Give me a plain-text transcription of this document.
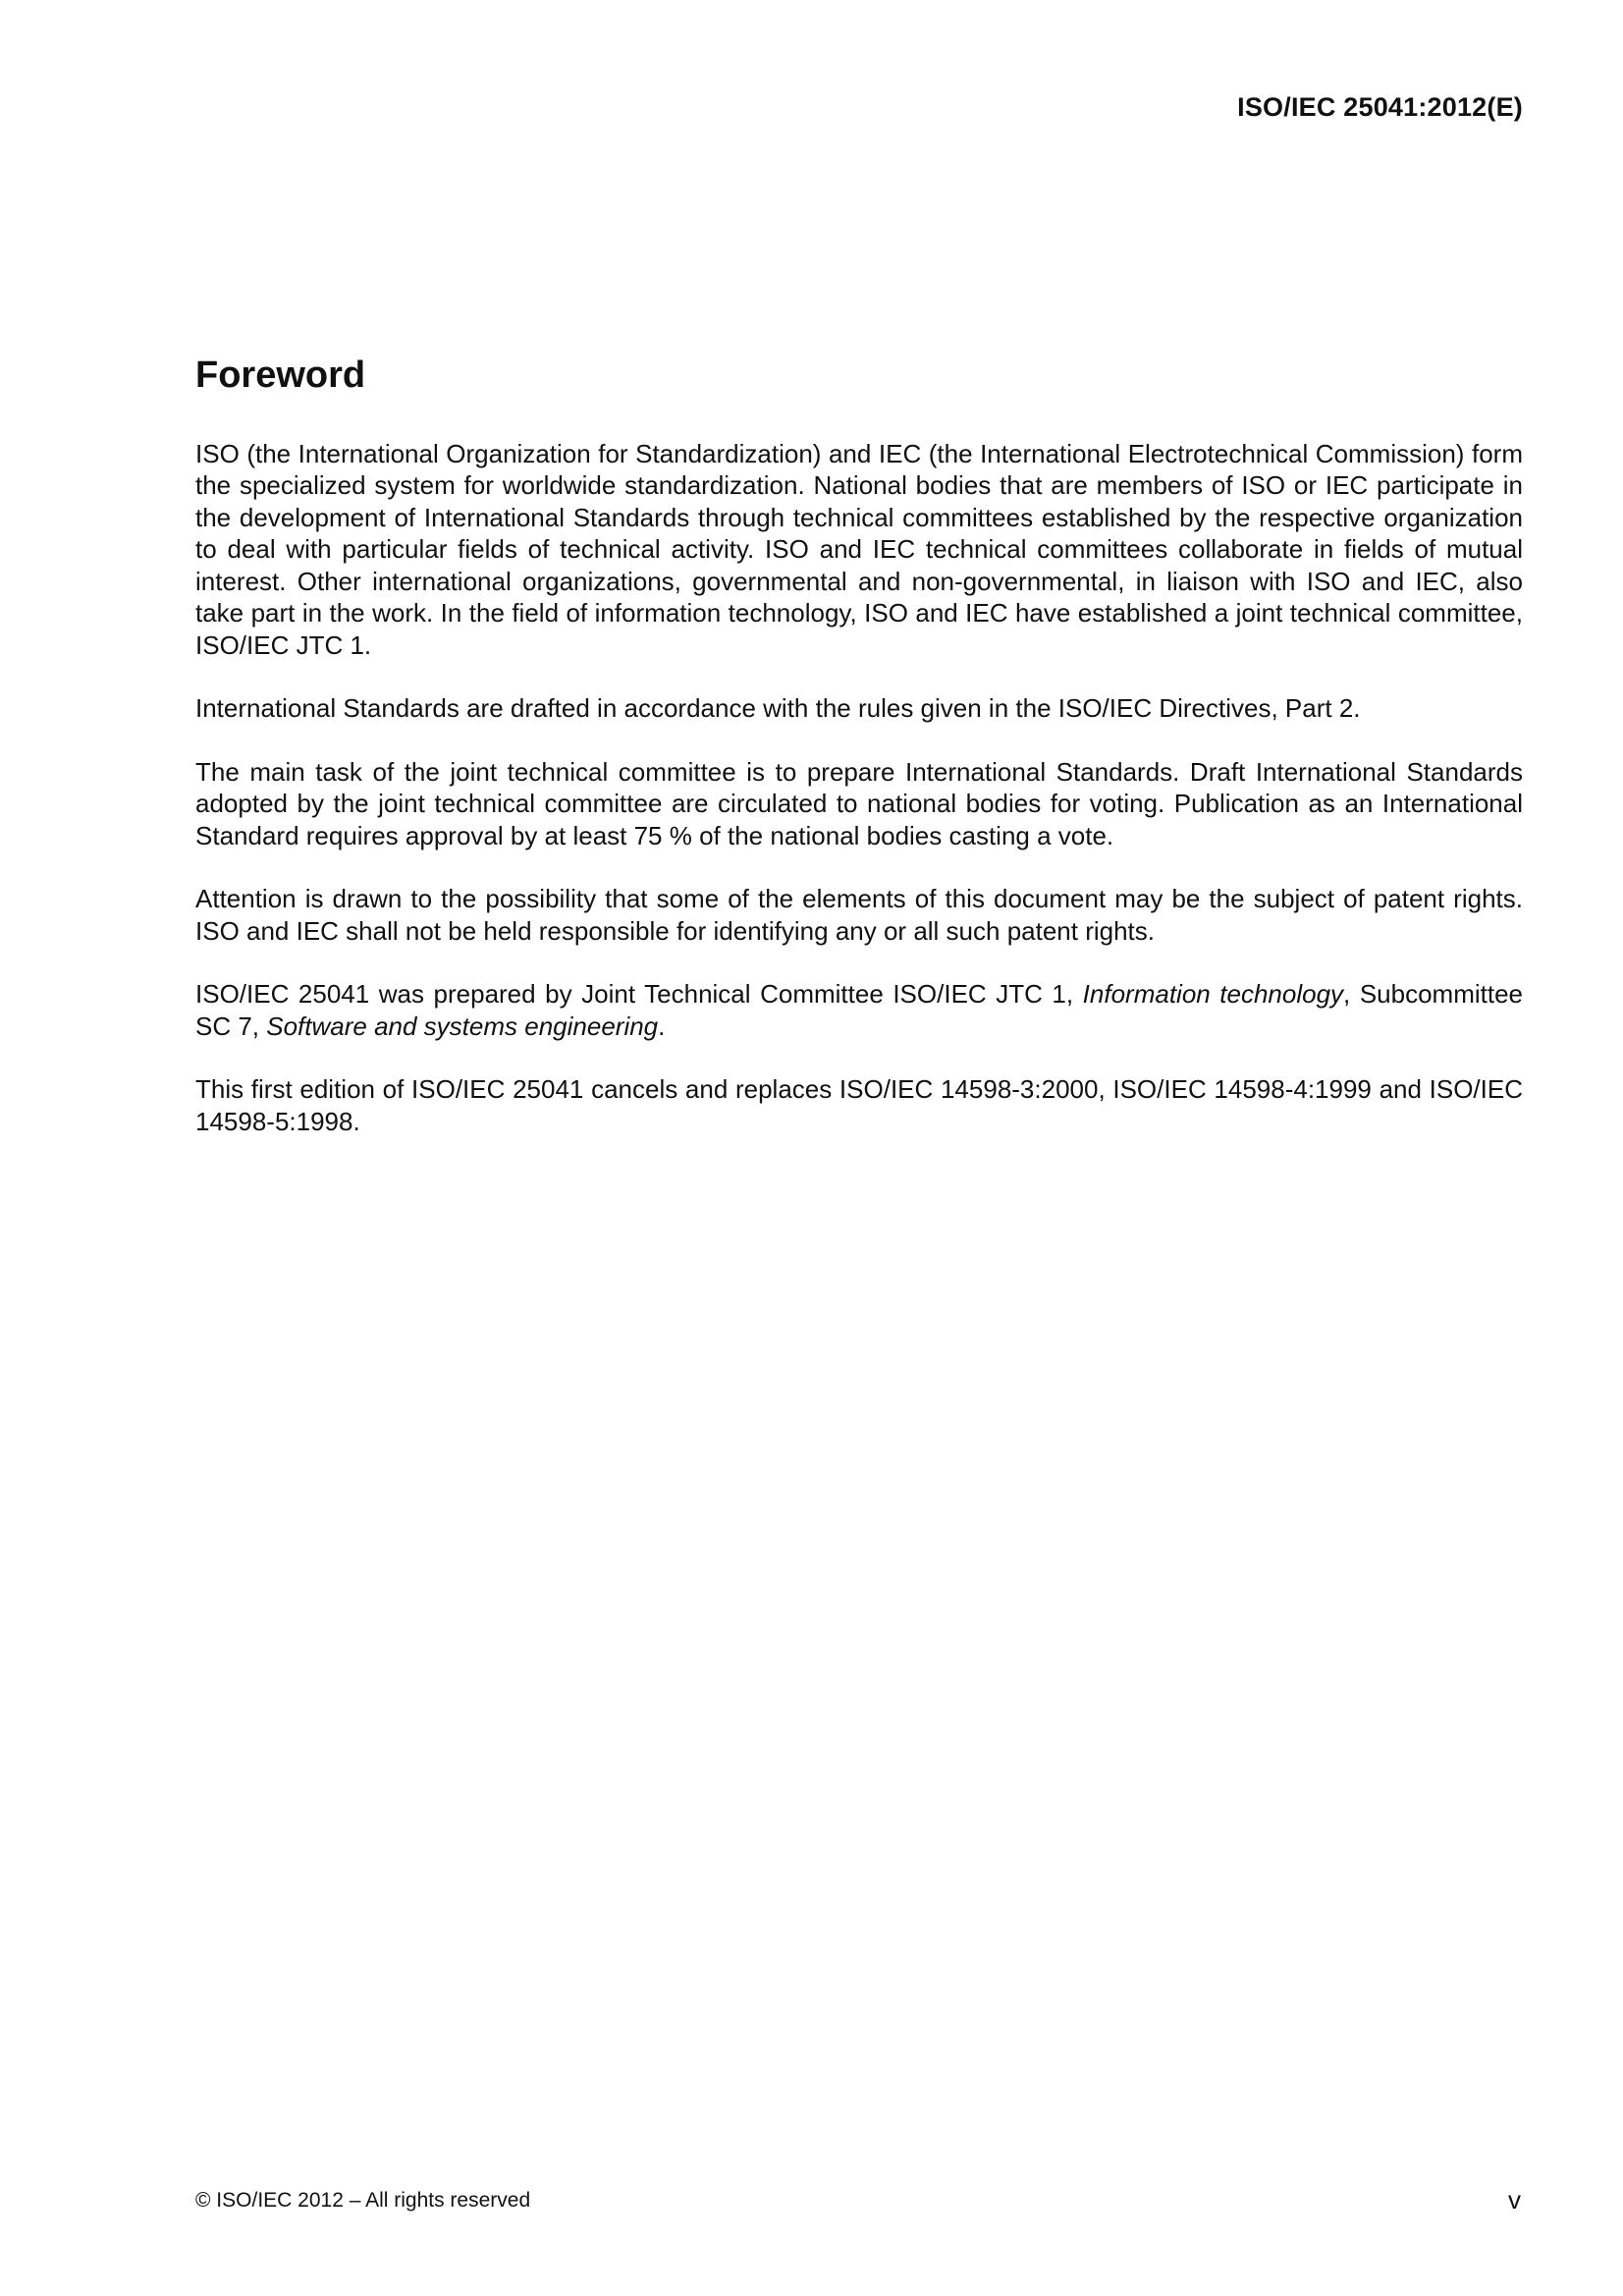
ISO/IEC 25041:2012(E)
Foreword

ISO (the International Organization for Standardization) and IEC (the International Electrotechnical Commission) form the specialized system for worldwide standardization. National bodies that are members of ISO or IEC participate in the development of International Standards through technical committees established by the respective organization to deal with particular fields of technical activity. ISO and IEC technical committees collaborate in fields of mutual interest. Other international organizations, governmental and non-governmental, in liaison with ISO and IEC, also take part in the work. In the field of information technology, ISO and IEC have established a joint technical committee, ISO/IEC JTC 1.

International Standards are drafted in accordance with the rules given in the ISO/IEC Directives, Part 2.

The main task of the joint technical committee is to prepare International Standards. Draft International Standards adopted by the joint technical committee are circulated to national bodies for voting. Publication as an International Standard requires approval by at least 75 % of the national bodies casting a vote.

Attention is drawn to the possibility that some of the elements of this document may be the subject of patent rights. ISO and IEC shall not be held responsible for identifying any or all such patent rights.

ISO/IEC 25041 was prepared by Joint Technical Committee ISO/IEC JTC 1, Information technology, Subcommittee SC 7, Software and systems engineering.

This first edition of ISO/IEC 25041 cancels and replaces ISO/IEC 14598-3:2000, ISO/IEC 14598-4:1999 and ISO/IEC 14598-5:1998.

© ISO/IEC 2012 – All rights reserved	v
